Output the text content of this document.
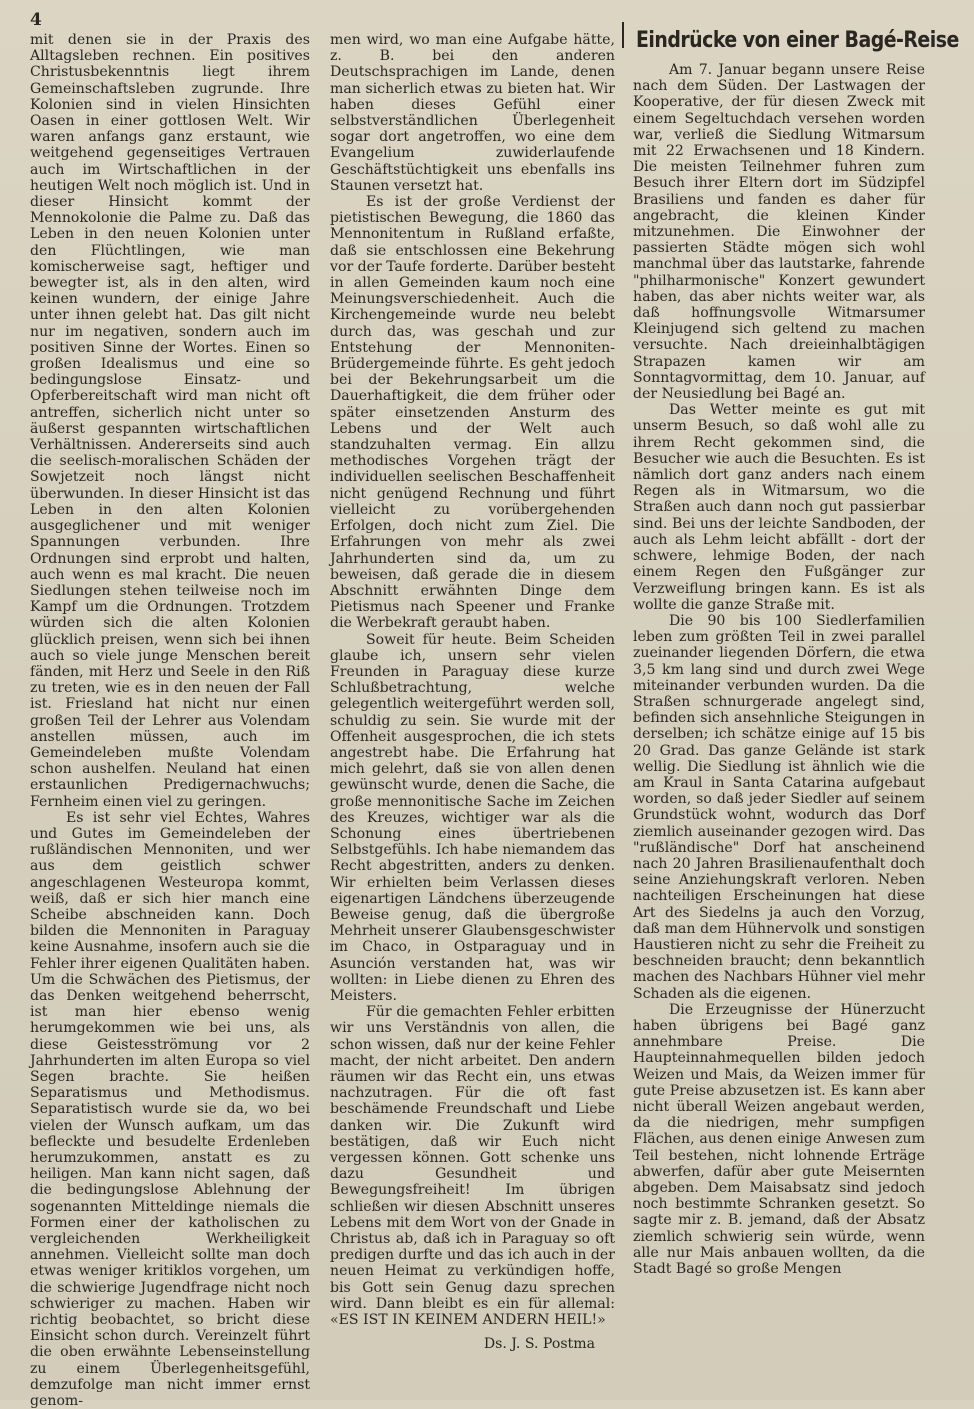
4

mit denen sie in der Praxis des Alltagsleben rechnen. Ein positives Christusbekenntnis liegt ihrem Gemeinschaftsleben zugrunde. Ihre Kolonien sind in vielen Hinsichten Oasen in einer gottlosen Welt. Wir waren anfangs ganz erstaunt, wie weitgehend gegenseitiges Vertrauen auch im Wirtschaftlichen in der heutigen Welt noch möglich ist. Und in dieser Hinsicht kommt der Mennokolonie die Palme zu. Daß das Leben in den neuen Kolonien unter den Flüchtlingen, wie man komischerweise sagt, heftiger und bewegter ist, als in den alten, wird keinen wundern, der einige Jahre unter ihnen gelebt hat. Das gilt nicht nur im negativen, sondern auch im positiven Sinne der Wortes. Einen so großen Idealismus und eine so bedingungslose Einsatz- und Opferbereitschaft wird man nicht oft antreffen, sicherlich nicht unter so äußerst gespannten wirtschaftlichen Verhältnissen. Andererseits sind auch die seelisch-moralischen Schäden der Sowjetzeit noch längst nicht überwunden. In dieser Hinsicht ist das Leben in den alten Kolonien ausgeglichener und mit weniger Spannungen verbunden. Ihre Ordnungen sind erprobt und halten, auch wenn es mal kracht. Die neuen Siedlungen stehen teilweise noch im Kampf um die Ordnungen. Trotzdem würden sich die alten Kolonien glücklich preisen, wenn sich bei ihnen auch so viele junge Menschen bereit fänden, mit Herz und Seele in den Riß zu treten, wie es in den neuen der Fall ist. Friesland hat nicht nur einen großen Teil der Lehrer aus Volendam anstellen müssen, auch im Gemeindeleben mußte Volendam schon aushelfen. Neuland hat einen erstaunlichen Predigernachwuchs; Fernheim einen viel zu geringen.

Es ist sehr viel Echtes, Wahres und Gutes im Gemeindeleben der rußländischen Mennoniten, und wer aus dem geistlich schwer angeschlagenen Westeuropa kommt, weiß, daß er sich hier manch eine Scheibe abschneiden kann. Doch bilden die Mennoniten in Paraguay keine Ausnahme, insofern auch sie die Fehler ihrer eigenen Qualitäten haben. Um die Schwächen des Pietismus, der das Denken weitgehend beherrscht, ist man hier ebenso wenig herumgekommen wie bei uns, als diese Geistesströmung vor 2 Jahrhunderten im alten Europa so viel Segen brachte. Sie heißen Separatismus und Methodismus. Separatistisch wurde sie da, wo bei vielen der Wunsch aufkam, um das befleckte und besudelte Erdenleben herumzukommen, anstatt es zu heiligen. Man kann nicht sagen, daß die bedingungslose Ablehnung der sogenannten Mitteldinge niemals die Formen einer der katholischen zu vergleichenden Werkheiligkeit annehmen. Vielleicht sollte man doch etwas weniger kritiklos vorgehen, um die schwierige Jugendfrage nicht noch schwieriger zu machen. Haben wir richtig beobachtet, so bricht diese Einsicht schon durch. Vereinzelt führt die oben erwähnte Lebenseinstellung zu einem Überlegenheitsgefühl, demzufolge man nicht immer ernst genom-

men wird, wo man eine Aufgabe hätte, z. B. bei den anderen Deutschsprachigen im Lande, denen man sicherlich etwas zu bieten hat. Wir haben dieses Gefühl einer selbstverständlichen Überlegenheit sogar dort angetroffen, wo eine dem Evangelium zuwiderlaufende Geschäftstüchtigkeit uns ebenfalls ins Staunen versetzt hat.

Es ist der große Verdienst der pietistischen Bewegung, die 1860 das Mennonitentum in Rußland erfaßte, daß sie entschlossen eine Bekehrung vor der Taufe forderte. Darüber besteht in allen Gemeinden kaum noch eine Meinungsverschiedenheit. Auch die Kirchengemeinde wurde neu belebt durch das, was geschah und zur Entstehung der Mennoniten-Brüdergemeinde führte. Es geht jedoch bei der Bekehrungsarbeit um die Dauerhaftigkeit, die dem früher oder später einsetzenden Ansturm des Lebens und der Welt auch standzuhalten vermag. Ein allzu methodisches Vorgehen trägt der individuellen seelischen Beschaffenheit nicht genügend Rechnung und führt vielleicht zu vorübergehenden Erfolgen, doch nicht zum Ziel. Die Erfahrungen von mehr als zwei Jahrhunderten sind da, um zu beweisen, daß gerade die in diesem Abschnitt erwähnten Dinge dem Pietismus nach Speener und Franke die Werbekraft geraubt haben.

Soweit für heute. Beim Scheiden glaube ich, unsern sehr vielen Freunden in Paraguay diese kurze Schlußbetrachtung, welche gelegentlich weitergeführt werden soll, schuldig zu sein. Sie wurde mit der Offenheit ausgesprochen, die ich stets angestrebt habe. Die Erfahrung hat mich gelehrt, daß sie von allen denen gewünscht wurde, denen die Sache, die große mennonitische Sache im Zeichen des Kreuzes, wichtiger war als die Schonung eines übertriebenen Selbstgefühls. Ich habe niemandem das Recht abgestritten, anders zu denken. Wir erhielten beim Verlassen dieses eigenartigen Ländchens überzeugende Beweise genug, daß die übergroße Mehrheit unserer Glaubensgeschwister im Chaco, in Ostparaguay und in Asunción verstanden hat, was wir wollten: in Liebe dienen zu Ehren des Meisters.

Für die gemachten Fehler erbitten wir uns Verständnis von allen, die schon wissen, daß nur der keine Fehler macht, der nicht arbeitet. Den andern räumen wir das Recht ein, uns etwas nachzutragen. Für die oft fast beschämende Freundschaft und Liebe danken wir. Die Zukunft wird bestätigen, daß wir Euch nicht vergessen können. Gott schenke uns dazu Gesundheit und Bewegungsfreiheit! Im übrigen schließen wir diesen Abschnitt unseres Lebens mit dem Wort von der Gnade in Christus ab, daß ich in Paraguay so oft predigen durfte und das ich auch in der neuen Heimat zu verkündigen hoffe, bis Gott sein Genug dazu sprechen wird. Dann bleibt es ein für allemal: «ES IST IN KEINEM ANDERN HEIL!»

Ds. J. S. Postma

Eindrücke von einer Bagé-Reise

Am 7. Januar begann unsere Reise nach dem Süden. Der Lastwagen der Kooperative, der für diesen Zweck mit einem Segeltuchdach versehen worden war, verließ die Siedlung Witmarsum mit 22 Erwachsenen und 18 Kindern. Die meisten Teilnehmer fuhren zum Besuch ihrer Eltern dort im Südzipfel Brasiliens und fanden es daher für angebracht, die kleinen Kinder mitzunehmen. Die Einwohner der passierten Städte mögen sich wohl manchmal über das lautstarke, fahrende "philharmonische" Konzert gewundert haben, das aber nichts weiter war, als daß hoffnungsvolle Witmarsumer Kleinjugend sich geltend zu machen versuchte. Nach dreieinhalbtägigen Strapazen kamen wir am Sonntagvormittag, dem 10. Januar, auf der Neusiedlung bei Bagé an.

Das Wetter meinte es gut mit unserm Besuch, so daß wohl alle zu ihrem Recht gekommen sind, die Besucher wie auch die Besuchten. Es ist nämlich dort ganz anders nach einem Regen als in Witmarsum, wo die Straßen auch dann noch gut passierbar sind. Bei uns der leichte Sandboden, der auch als Lehm leicht abfällt - dort der schwere, lehmige Boden, der nach einem Regen den Fußgänger zur Verzweiflung bringen kann. Es ist als wollte die ganze Straße mit.

Die 90 bis 100 Siedlerfamilien leben zum größten Teil in zwei parallel zueinander liegenden Dörfern, die etwa 3,5 km lang sind und durch zwei Wege miteinander verbunden wurden. Da die Straßen schnurgerade angelegt sind, befinden sich ansehnliche Steigungen in derselben; ich schätze einige auf 15 bis 20 Grad. Das ganze Gelände ist stark wellig. Die Siedlung ist ähnlich wie die am Kraul in Santa Catarina aufgebaut worden, so daß jeder Siedler auf seinem Grundstück wohnt, wodurch das Dorf ziemlich auseinander gezogen wird. Das "rußländische" Dorf hat anscheinend nach 20 Jahren Brasilienaufenthalt doch seine Anziehungskraft verloren. Neben nachteiligen Erscheinungen hat diese Art des Siedelns ja auch den Vorzug, daß man dem Hühnervolk und sonstigen Haustieren nicht zu sehr die Freiheit zu beschneiden braucht; denn bekanntlich machen des Nachbars Hühner viel mehr Schaden als die eigenen.

Die Erzeugnisse der Hünerzucht haben übrigens bei Bagé ganz annehmbare Preise. Die Haupteinnahmequellen bilden jedoch Weizen und Mais, da Weizen immer für gute Preise abzusetzen ist. Es kann aber nicht überall Weizen angebaut werden, da die niedrigen, mehr sumpfigen Flächen, aus denen einige Anwesen zum Teil bestehen, nicht lohnende Erträge abwerfen, dafür aber gute Meisernten abgeben. Dem Maisabsatz sind jedoch noch bestimmte Schranken gesetzt. So sagte mir z. B. jemand, daß der Absatz ziemlich schwierig sein würde, wenn alle nur Mais anbauen wollten, da die Stadt Bagé so große Mengen
